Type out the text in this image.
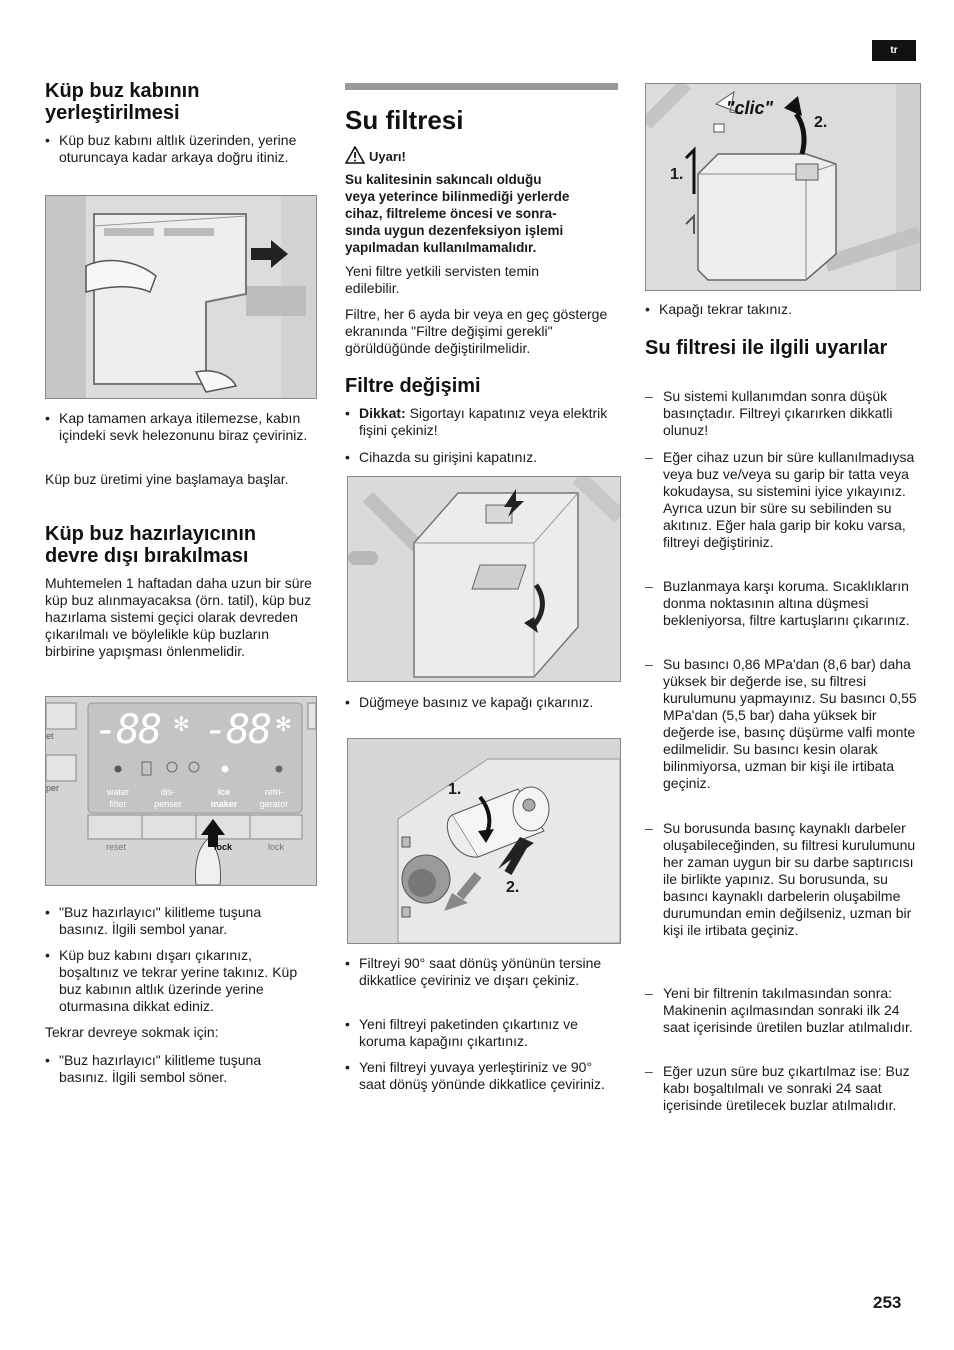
tr
Küp buz kabının yerleştirilmesi
• Küp buz kabını altlık üzerinden, yerine oturuncaya kadar arkaya doğru itiniz.
• Kap tamamen arkaya itilemezse, kabın içindeki sevk helezonunu biraz çeviriniz.
Küp buz üretimi yine başlamaya başlar.
Küp buz hazırlayıcının devre dışı bırakılması
Muhtemelen 1 haftadan daha uzun bir süre küp buz alınmayacaksa (örn. tatil), küp buz hazırlama sistemi geçici olarak devreden çıkarılmalı ve böylelikle küp buzların birbirine yapışması önlenmelidir.
✻	✻
-88 -88
et
per	water
filter
dis-
penser
ice
maker
refri-
gerator
reset	lock	lock
• "Buz hazırlayıcı" kilitleme tuşuna basınız. İlgili sembol yanar.
• Küp buz kabını dışarı çıkarınız, boşaltınız ve tekrar yerine takınız. Küp buz kabının altlık üzerinde yerine oturmasına dikkat ediniz.
Tekrar devreye sokmak için:
• "Buz hazırlayıcı" kilitleme tuşuna basınız. İlgili sembol söner.
Su filtresi
Uyarı!
Su kalitesinin sakıncalı olduğu
veya yeterince bilinmediği yerlerde
cihaz, filtreleme öncesi ve sonra-
sında uygun dezenfeksiyon işlemi
yapılmadan kullanılmamalıdır.
Yeni filtre yetkili servisten temin edilebilir.
Filtre, her 6 ayda bir veya en geç gösterge ekranında "Filtre değişimi gerekli" görüldüğünde değiştirilmelidir.
Filtre değişimi
• Dikkat: Sigortayı kapatınız veya elektrik fişini çekiniz!
• Cihazda su girişini kapatınız.
• Düğmeye basınız ve kapağı çıkarınız.
1.
2.
• Filtreyi 90° saat dönüş yönünün tersine dikkatlice çeviriniz ve dışarı çekiniz.
• Yeni filtreyi paketinden çıkartınız ve koruma kapağını çıkartınız.
• Yeni filtreyi yuvaya yerleştiriniz ve 90° saat dönüş yönünde dikkatlice çeviriniz.
"clic"
1.
2.
• Kapağı tekrar takınız.
Su filtresi ile ilgili uyarılar
– Su sistemi kullanımdan sonra düşük basınçtadır. Filtreyi çıkarırken dikkatli olunuz!
– Eğer cihaz uzun bir süre kullanılmadıysa veya buz ve/veya su garip bir tatta veya kokudaysa, su sistemini iyice yıkayınız. Ayrıca uzun bir süre su sebilinden su akıtınız. Eğer hala garip bir koku varsa, filtreyi değiştiriniz.
– Buzlanmaya karşı koruma. Sıcaklıkların donma noktasının altına düşmesi bekleniyorsa, filtre kartuşlarını çıkarınız.
– Su basıncı 0,86 MPa'dan (8,6 bar) daha yüksek bir değerde ise, su filtresi kurulumunu yapmayınız. Su basıncı 0,55 MPa'dan (5,5 bar) daha yüksek bir değerde ise, basınç düşürme valfi monte edilmelidir. Su basıncı kesin olarak bilinmiyorsa, uzman bir kişi ile irtibata geçiniz.
– Su borusunda basınç kaynaklı darbeler oluşabileceğinden, su filtresi kurulumunu her zaman uygun bir su darbe saptırıcısı ile birlikte yapınız. Su borusunda, su basıncı kaynaklı darbelerin oluşabilme durumundan emin değilseniz, uzman bir kişi ile irtibata geçiniz.
– Yeni bir filtrenin takılmasından sonra: Makinenin açılmasından sonraki ilk 24 saat içerisinde üretilen buzlar atılmalıdır.
– Eğer uzun süre buz çıkartılmaz ise: Buz kabı boşaltılmalı ve sonraki 24 saat içerisinde üretilecek buzlar atılmalıdır.
253
